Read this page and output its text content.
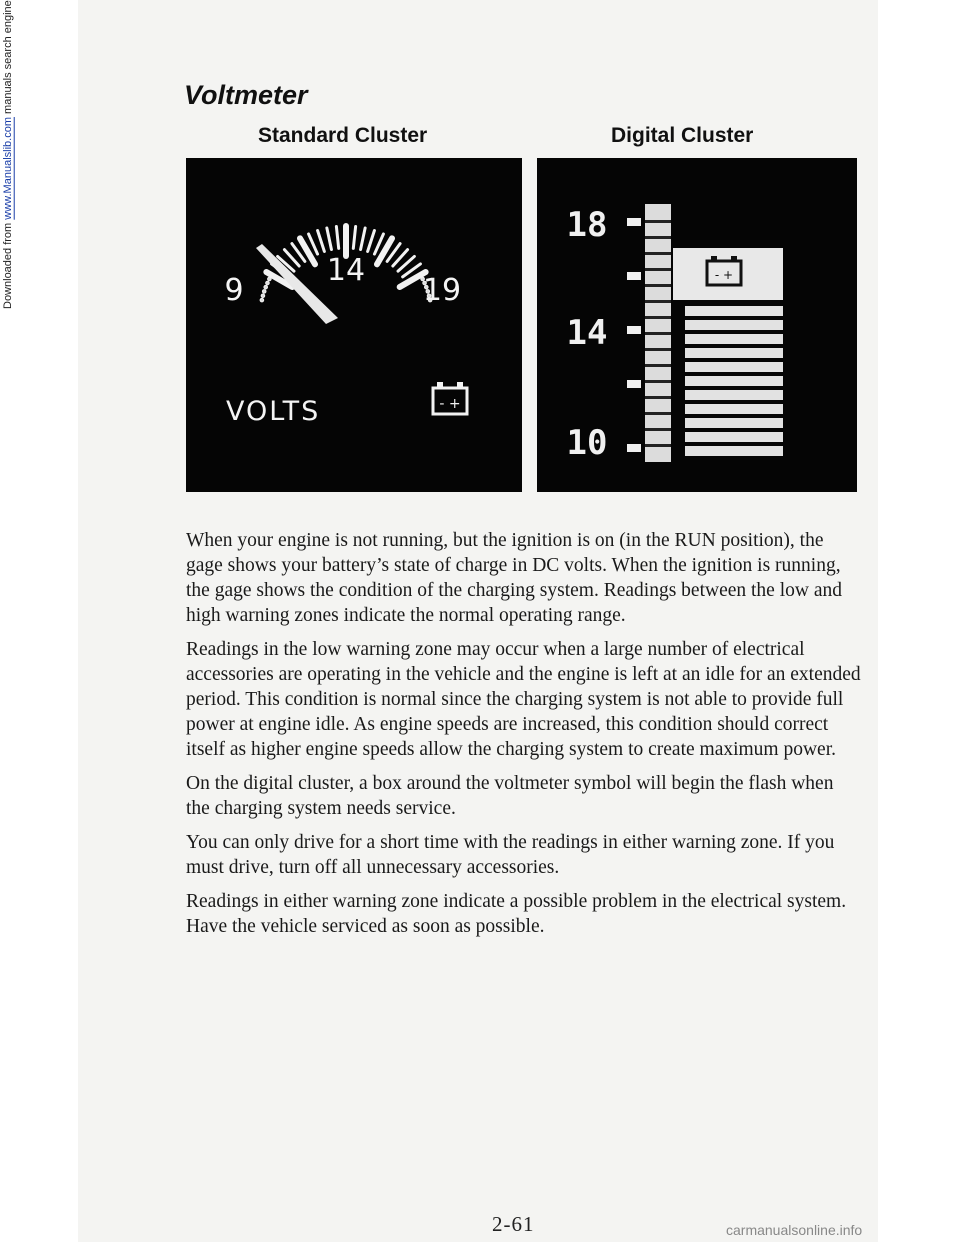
Downloaded from www.Manualslib.com manuals search engine	Voltmeter
Standard Cluster	Digital Cluster
14
9	19
VOLTS	- +
18
14
10
- +

When your engine is not running, but the ignition is on (in the RUN position), the gage shows your battery’s state of charge in DC volts. When the ignition is running, the gage shows the condition of the charging system. Readings between the low and high warning zones indicate the normal operating range.

Readings in the low warning zone may occur when a large number of electrical accessories are operating in the vehicle and the engine is left at an idle for an extended period. This condition is normal since the charging system is not able to provide full power at engine idle. As engine speeds are increased, this condition should correct itself as higher engine speeds allow the charging system to create maximum power.

On the digital cluster, a box around the voltmeter symbol will begin the flash when the charging system needs service.

You can only drive for a short time with the readings in either warning zone. If you must drive, turn off all unnecessary accessories.

Readings in either warning zone indicate a possible problem in the electrical system. Have the vehicle serviced as soon as possible.

2-61	carmanualsonline.info
